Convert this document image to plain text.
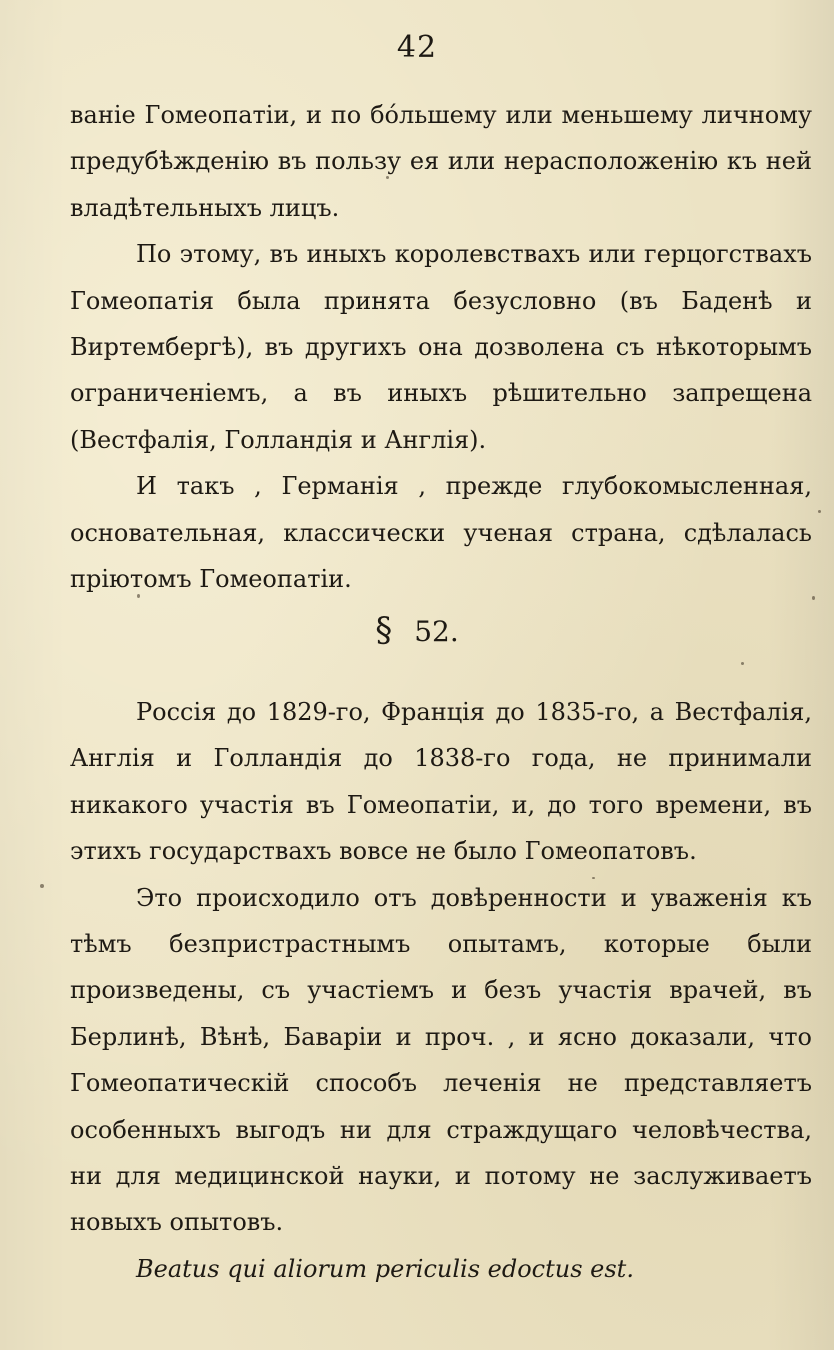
42

ваніе Гомеопатіи, и по бо́льшему или меньшему личному предубѣжденію въ пользу ея или нерасположенію къ ней владѣтельныхъ лицъ.

По этому, въ иныхъ королевствахъ или герцогствахъ Гомеопатія была принята безусловно (въ Баденѣ и Виртембергѣ), въ другихъ она дозволена съ нѣкоторымъ ограниченіемъ, а въ иныхъ рѣшительно запрещена (Вестфалія, Голландія и Англія).

И такъ , Германія , прежде глубокомысленная, основательная, классически ученая страна, сдѣлалась пріютомъ Гомеопатіи.

§ 52.

Россія до 1829-го, Франція до 1835-го, а Вестфалія, Англія и Голландія до 1838-го года, не принимали никакого участія въ Гомеопатіи, и, до того времени, въ этихъ государствахъ вовсе не было Гомеопатовъ.

Это происходило отъ довѣренности и уваженія къ тѣмъ безпристрастнымъ опытамъ, которые были произведены, съ участіемъ и безъ участія врачей, въ Берлинѣ, Вѣнѣ, Баваріи и проч. , и ясно доказали, что Гомеопатическій способъ леченія не представляетъ особенныхъ выгодъ ни для страждущаго человѣчества, ни для медицинской науки, и потому не заслуживаетъ новыхъ опытовъ.

Beatus qui aliorum periculis edoctus est.
